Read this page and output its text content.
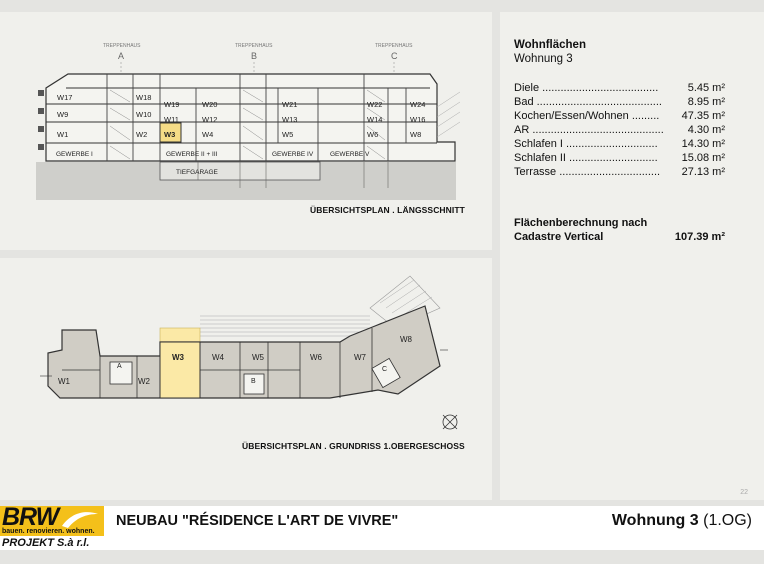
TREPPENHAUS
A
TREPPENHAUS
B
TREPPENHAUS
C
W17	W18
W19	W20	W21	W22	W24
W9	W10
W11	W12	W13	W14	W16
W1	W2 W3	W4	W5	W6	W8
GEWERBE I	GEWERBE II + III	GEWERBE IV	GEWERBE V
TIEFGARAGE
ÜBERSICHTSPLAN . LÄNGSSCHNITT
A
B
C
W1	W2
W3	W4	W5	W6	W7
W8
ÜBERSICHTSPLAN . GRUNDRISS 1.OBERGESCHOSS
Wohnflächen
Wohnung 3
Diele ......................................	5.45 m²
Bad ......................................... 8.95 m²
Kochen/Essen/Wohnen ......... 47.35 m²
AR ........................................... 4.30 m²
Schlafen I .............................. 14.30 m²
Schlafen II ............................. 15.08 m²
Terrasse ................................. 27.13 m²
Flächenberechnung nach
Cadastre Vertical	107.39 m²
22
BRW
bauen. renovieren. wohnen.
PROJEKT S.à r.l.
NEUBAU "RÉSIDENCE L'ART DE VIVRE"	Wohnung 3 (1.OG)
